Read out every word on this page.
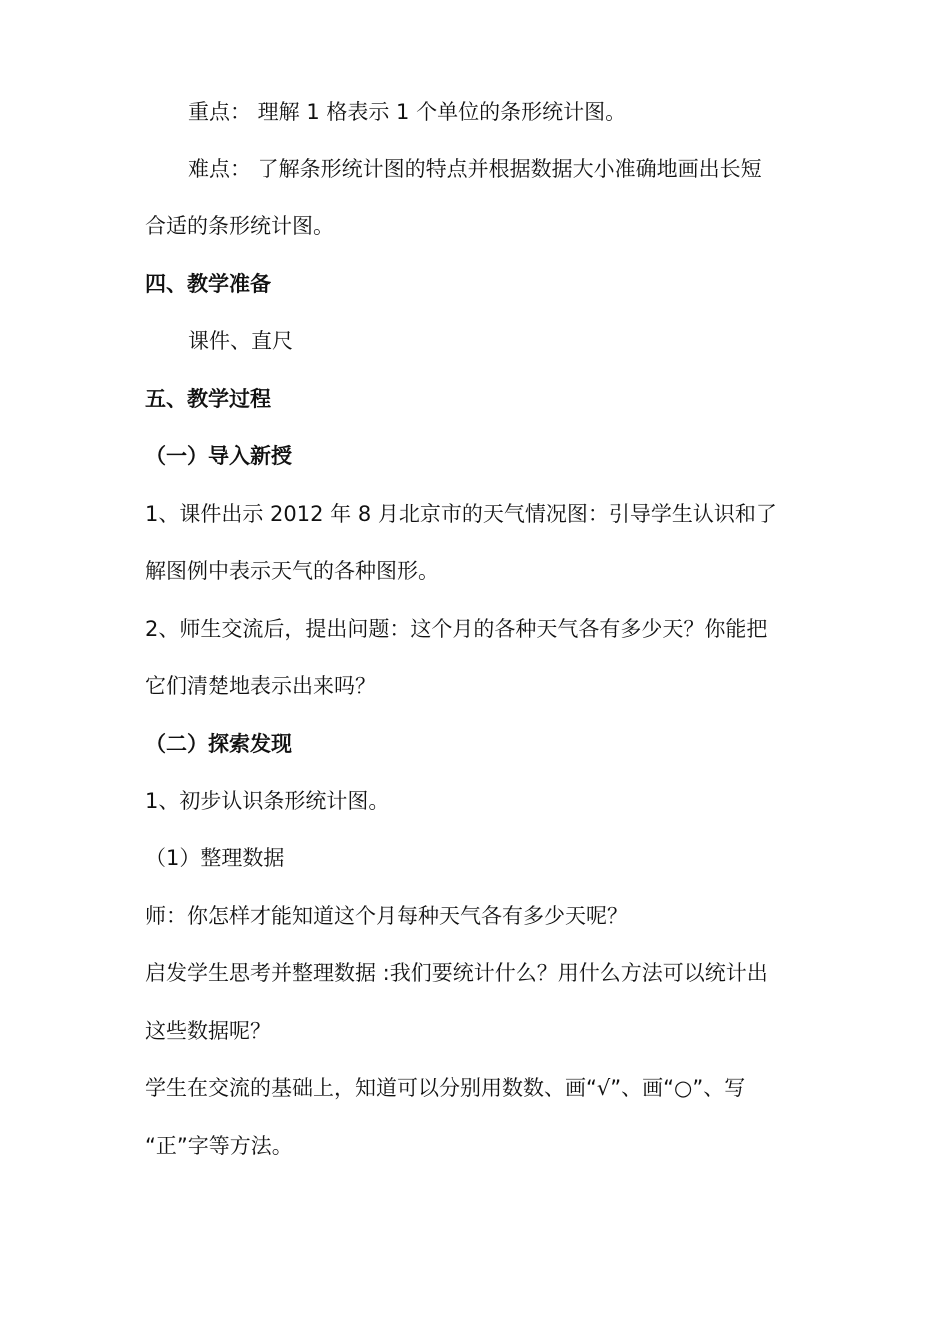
重点： 理解 1 格表示 1 个单位的条形统计图。
难点： 了解条形统计图的特点并根据数据大小准确地画出长短
合适的条形统计图。
四、教学准备
课件、直尺
五、教学过程
（一）导入新授
1、课件出示 2012 年 8 月北京市的天气情况图：引导学生认识和了
解图例中表示天气的各种图形。
2、师生交流后，提出问题：这个月的各种天气各有多少天？你能把
它们清楚地表示出来吗？
（二）探索发现
1、初步认识条形统计图。
（1）整理数据
师：你怎样才能知道这个月每种天气各有多少天呢？
启发学生思考并整理数据 :我们要统计什么？用什么方法可以统计出
这些数据呢？
学生在交流的基础上，知道可以分别用数数、画“√”、画“○”、写
“正”字等方法。
